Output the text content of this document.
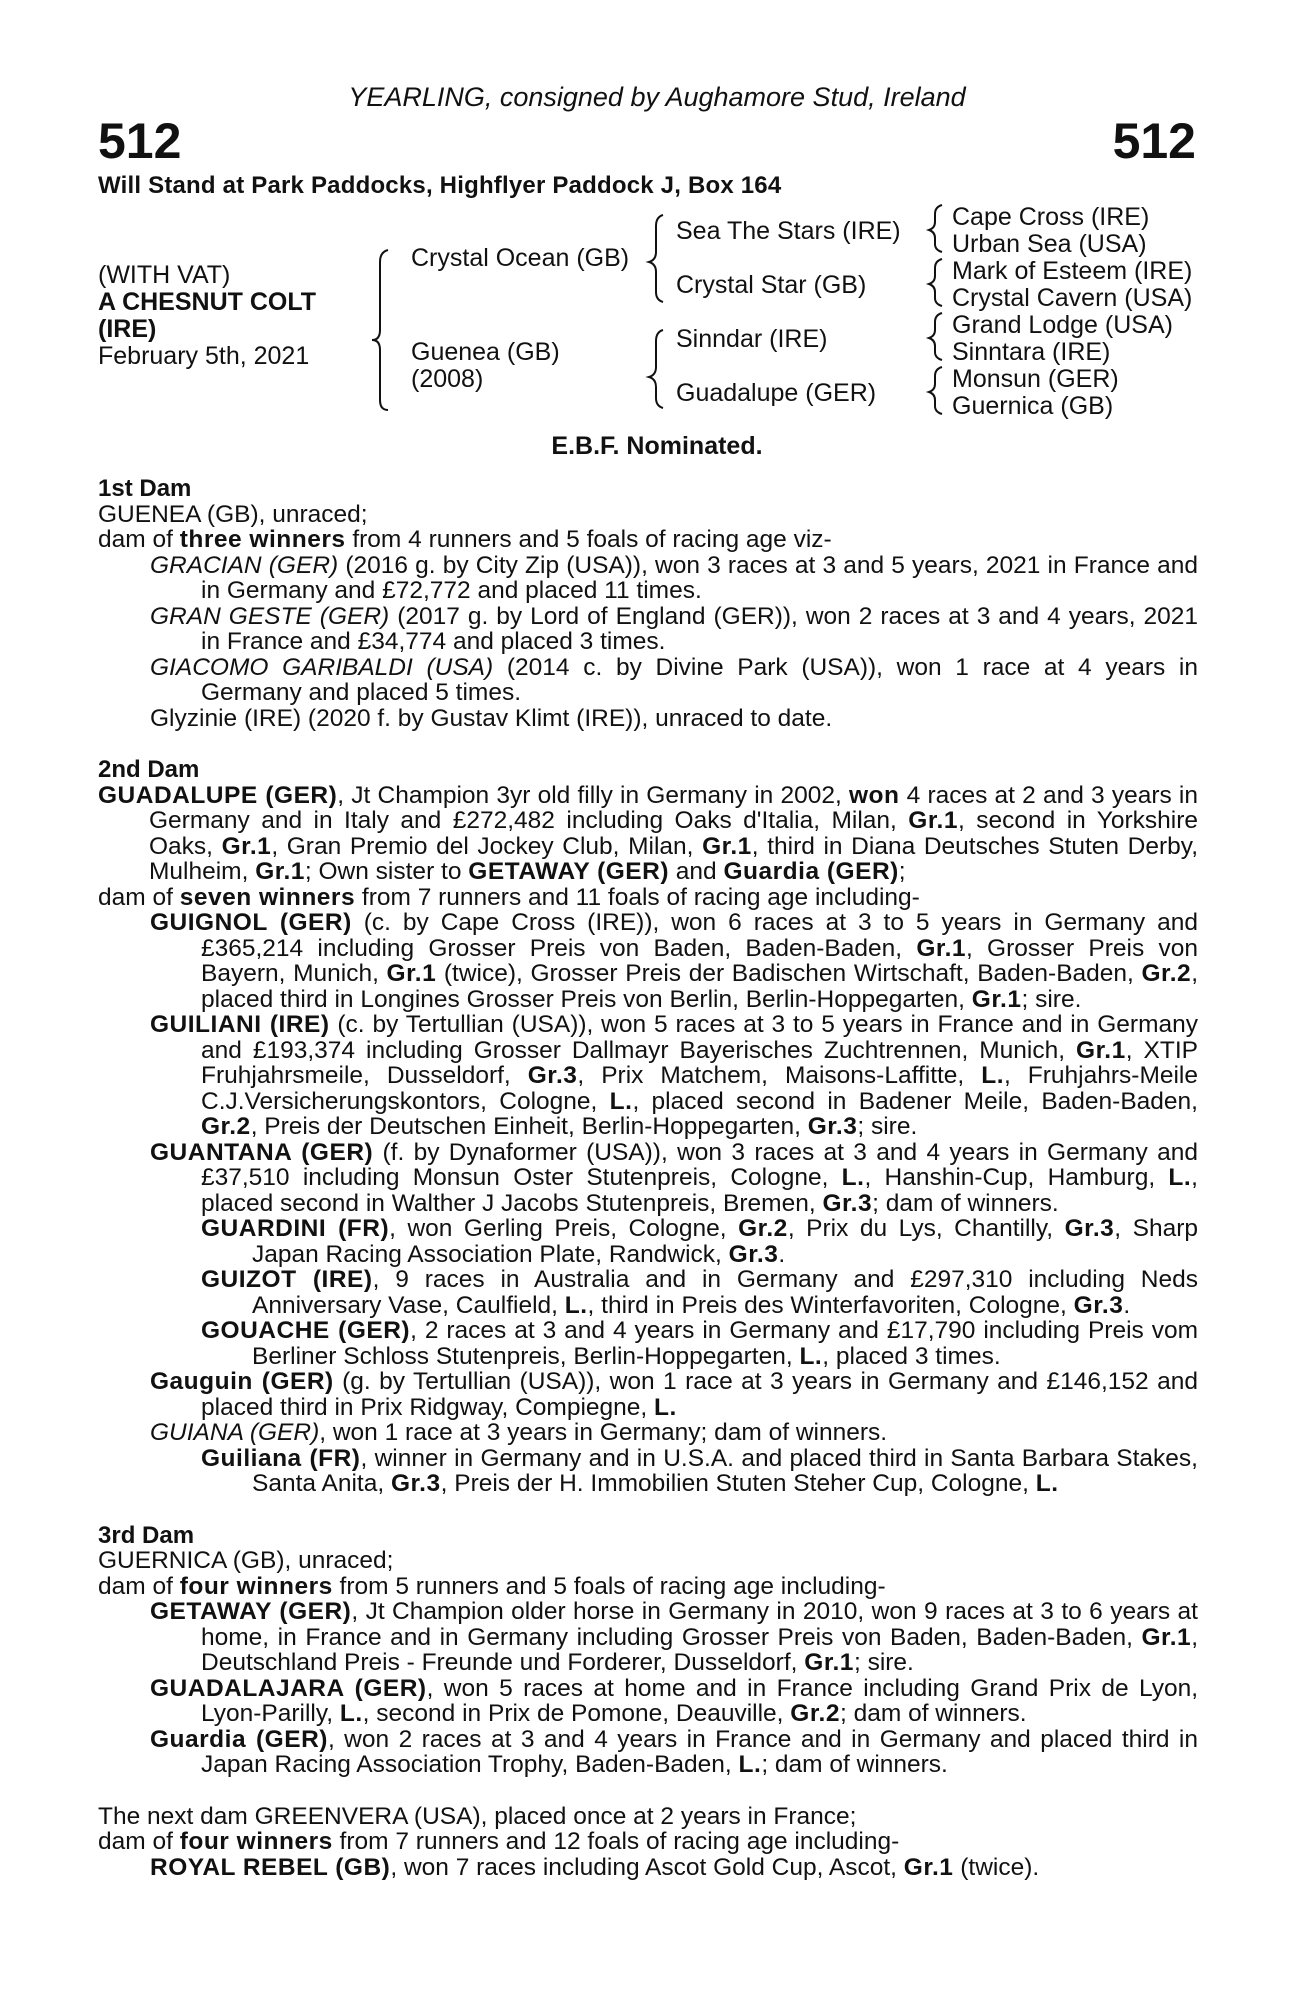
YEARLING, consigned by Aughamore Stud, Ireland
512	512
Will Stand at Park Paddocks, Highflyer Paddock J, Box 164
(WITH VAT)
A CHESNUT COLT
(IRE)
February 5th, 2021
Crystal Ocean (GB)
Guenea (GB)
(2008)
Sea The Stars (IRE)
Crystal Star (GB)
Sinndar (IRE)
Guadalupe (GER)
Cape Cross (IRE)
Urban Sea (USA)
Mark of Esteem (IRE)
Crystal Cavern (USA)
Grand Lodge (USA)
Sinntara (IRE)
Monsun (GER)
Guernica (GB)
E.B.F. Nominated.
1st Dam

GUENEA (GB), unraced;

dam of three winners from 4 runners and 5 foals of racing age viz-

GRACIAN (GER) (2016 g. by City Zip (USA)), won 3 races at 3 and 5 years, 2021 in France and in Germany and £72,772 and placed 11 times.

GRAN GESTE (GER) (2017 g. by Lord of England (GER)), won 2 races at 3 and 4 years, 2021 in France and £34,774 and placed 3 times.

GIACOMO GARIBALDI (USA) (2014 c. by Divine Park (USA)), won 1 race at 4 years in Germany and placed 5 times.

Glyzinie (IRE) (2020 f. by Gustav Klimt (IRE)), unraced to date.

2nd Dam

GUADALUPE (GER), Jt Champion 3yr old filly in Germany in 2002, won 4 races at 2 and 3 years in Germany and in Italy and £272,482 including Oaks d'Italia, Milan, Gr.1, second in Yorkshire Oaks, Gr.1, Gran Premio del Jockey Club, Milan, Gr.1, third in Diana Deutsches Stuten Derby, Mulheim, Gr.1; Own sister to GETAWAY (GER) and Guardia (GER);

dam of seven winners from 7 runners and 11 foals of racing age including-

GUIGNOL (GER) (c. by Cape Cross (IRE)), won 6 races at 3 to 5 years in Germany and £365,214 including Grosser Preis von Baden, Baden-Baden, Gr.1, Grosser Preis von Bayern, Munich, Gr.1 (twice), Grosser Preis der Badischen Wirtschaft, Baden-Baden, Gr.2, placed third in Longines Grosser Preis von Berlin, Berlin-Hoppegarten, Gr.1; sire.

GUILIANI (IRE) (c. by Tertullian (USA)), won 5 races at 3 to 5 years in France and in Germany and £193,374 including Grosser Dallmayr Bayerisches Zuchtrennen, Munich, Gr.1, XTIP Fruhjahrsmeile, Dusseldorf, Gr.3, Prix Matchem, Maisons-Laffitte, L., Fruhjahrs-Meile C.J.Versicherungskontors, Cologne, L., placed second in Badener Meile, Baden-Baden, Gr.2, Preis der Deutschen Einheit, Berlin-Hoppegarten, Gr.3; sire.

GUANTANA (GER) (f. by Dynaformer (USA)), won 3 races at 3 and 4 years in Germany and £37,510 including Monsun Oster Stutenpreis, Cologne, L., Hanshin-Cup, Hamburg, L., placed second in Walther J Jacobs Stutenpreis, Bremen, Gr.3; dam of winners.

GUARDINI (FR), won Gerling Preis, Cologne, Gr.2, Prix du Lys, Chantilly, Gr.3, Sharp Japan Racing Association Plate, Randwick, Gr.3.

GUIZOT (IRE), 9 races in Australia and in Germany and £297,310 including Neds Anniversary Vase, Caulfield, L., third in Preis des Winterfavoriten, Cologne, Gr.3.

GOUACHE (GER), 2 races at 3 and 4 years in Germany and £17,790 including Preis vom Berliner Schloss Stutenpreis, Berlin-Hoppegarten, L., placed 3 times.

Gauguin (GER) (g. by Tertullian (USA)), won 1 race at 3 years in Germany and £146,152 and placed third in Prix Ridgway, Compiegne, L.

GUIANA (GER), won 1 race at 3 years in Germany; dam of winners.

Guiliana (FR), winner in Germany and in U.S.A. and placed third in Santa Barbara Stakes, Santa Anita, Gr.3, Preis der H. Immobilien Stuten Steher Cup, Cologne, L.

3rd Dam

GUERNICA (GB), unraced;

dam of four winners from 5 runners and 5 foals of racing age including-

GETAWAY (GER), Jt Champion older horse in Germany in 2010, won 9 races at 3 to 6 years at home, in France and in Germany including Grosser Preis von Baden, Baden-Baden, Gr.1, Deutschland Preis - Freunde und Forderer, Dusseldorf, Gr.1; sire.

GUADALAJARA (GER), won 5 races at home and in France including Grand Prix de Lyon, Lyon-Parilly, L., second in Prix de Pomone, Deauville, Gr.2; dam of winners.

Guardia (GER), won 2 races at 3 and 4 years in France and in Germany and placed third in Japan Racing Association Trophy, Baden-Baden, L.; dam of winners.

The next dam GREENVERA (USA), placed once at 2 years in France;

dam of four winners from 7 runners and 12 foals of racing age including-

ROYAL REBEL (GB), won 7 races including Ascot Gold Cup, Ascot, Gr.1 (twice).
